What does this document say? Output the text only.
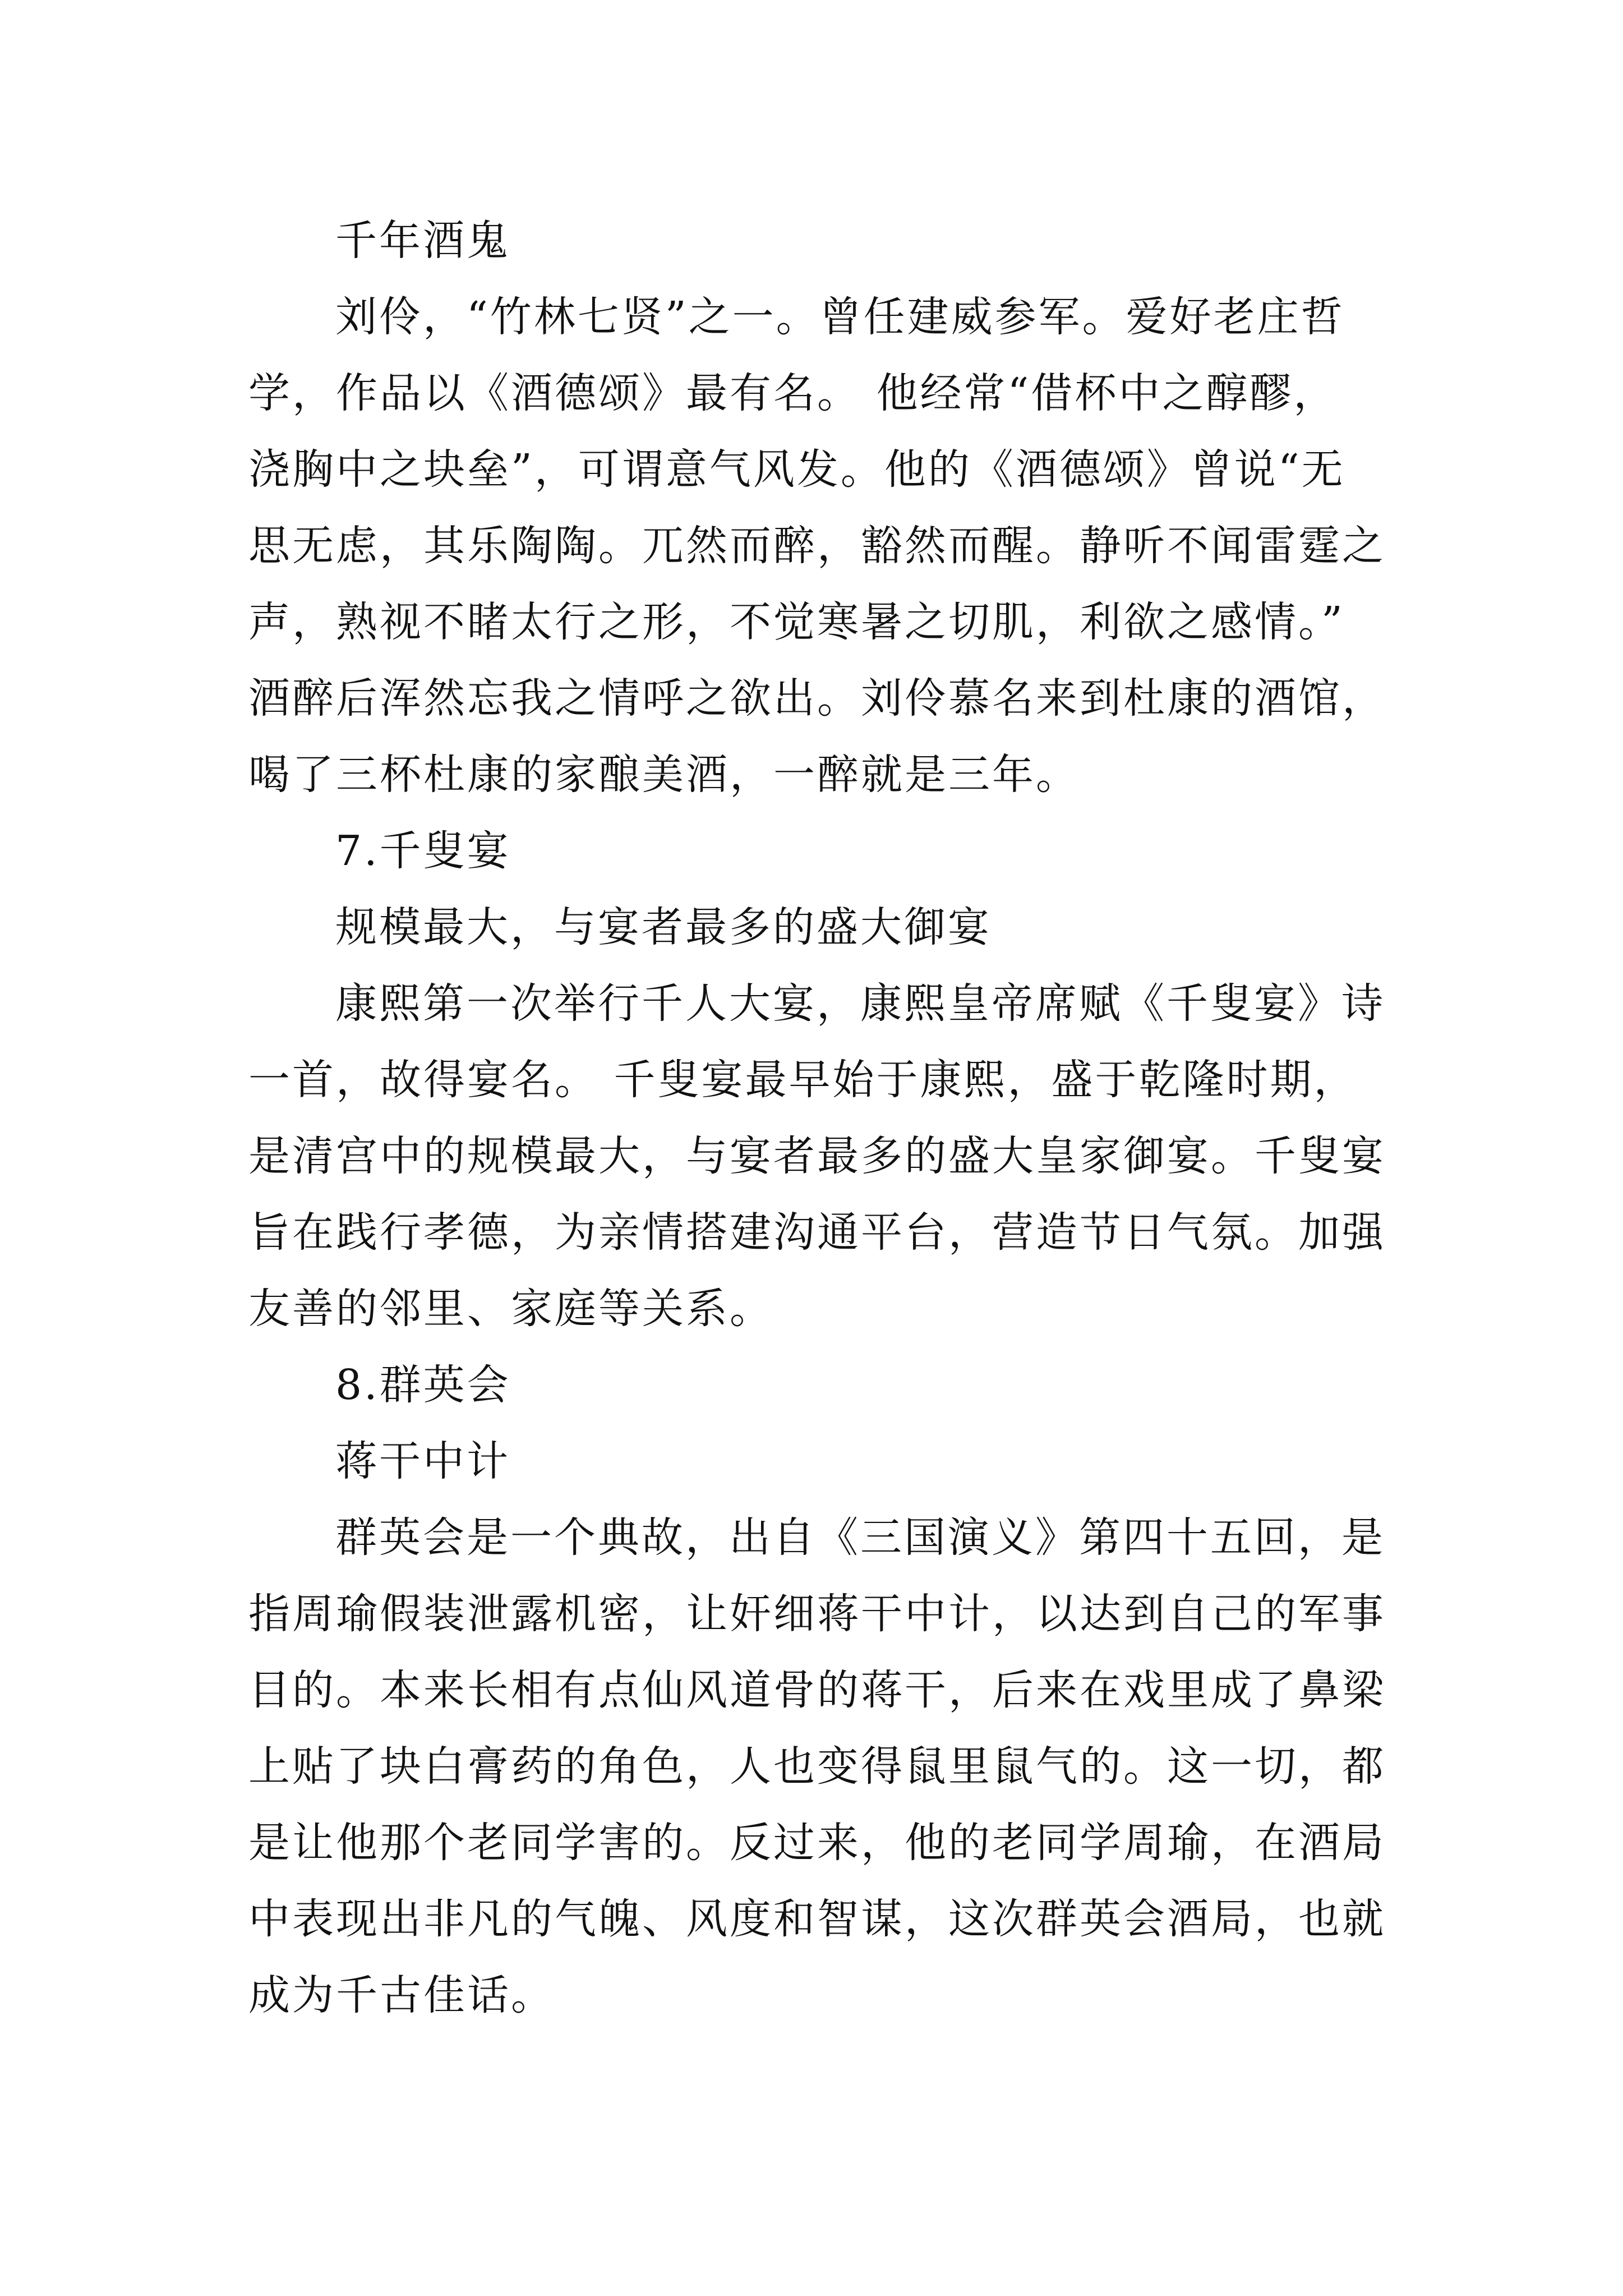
千年酒鬼
刘伶，“竹林七贤”之一。曾任建威参军。爱好老庄哲
学，作品以《酒德颂》最有名。 他经常“借杯中之醇醪，
浇胸中之块垒”，可谓意气风发。他的《酒德颂》曾说“无
思无虑，其乐陶陶。兀然而醉，豁然而醒。静听不闻雷霆之
声，熟视不睹太行之形，不觉寒暑之切肌，利欲之感情。”
酒醉后浑然忘我之情呼之欲出。刘伶慕名来到杜康的酒馆，
喝了三杯杜康的家酿美酒，一醉就是三年。
7.千叟宴
规模最大，与宴者最多的盛大御宴
康熙第一次举行千人大宴，康熙皇帝席赋《千叟宴》诗
一首，故得宴名。 千叟宴最早始于康熙，盛于乾隆时期，
是清宫中的规模最大，与宴者最多的盛大皇家御宴。千叟宴
旨在践行孝德，为亲情搭建沟通平台，营造节日气氛。加强
友善的邻里、家庭等关系。
8.群英会
蒋干中计
群英会是一个典故，出自《三国演义》第四十五回，是
指周瑜假装泄露机密，让奸细蒋干中计，以达到自己的军事
目的。本来长相有点仙风道骨的蒋干，后来在戏里成了鼻梁
上贴了块白膏药的角色，人也变得鼠里鼠气的。这一切，都
是让他那个老同学害的。反过来，他的老同学周瑜，在酒局
中表现出非凡的气魄、风度和智谋，这次群英会酒局，也就
成为千古佳话。
